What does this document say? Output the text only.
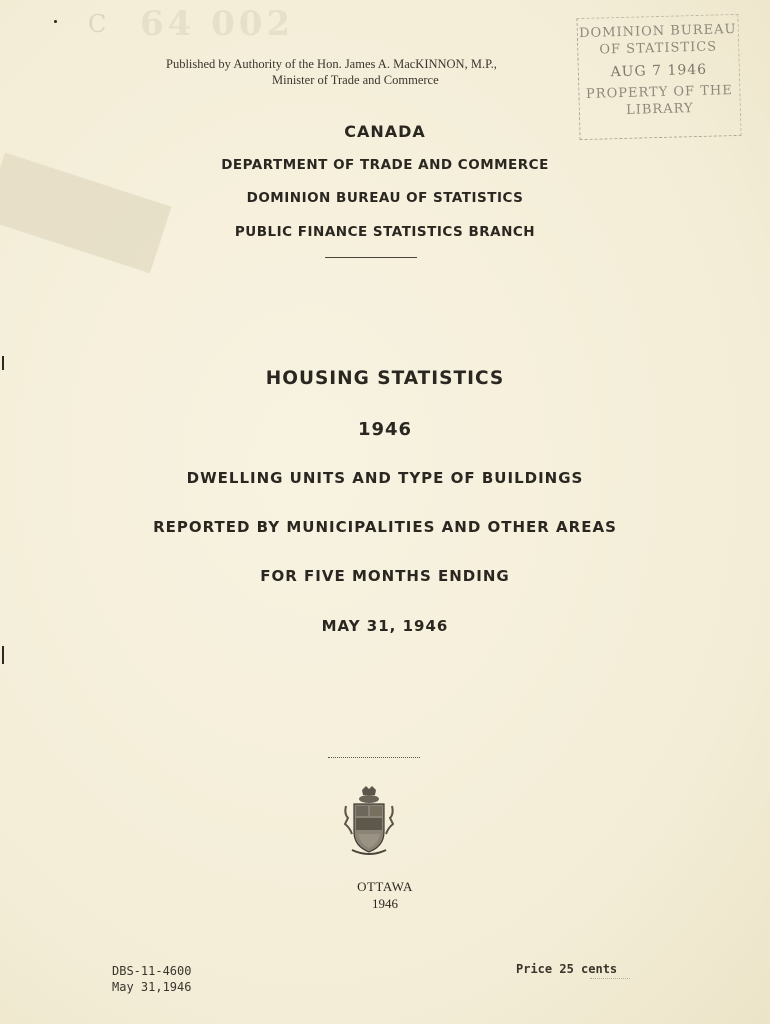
C 64 002
Published by Authority of the Hon. James A. MacKINNON, M.P.,
Minister of Trade and Commerce
DOMINION BUREAU
OF STATISTICS
AUG 7 1946
PROPERTY OF THE
LIBRARY
CANADA
DEPARTMENT OF TRADE AND COMMERCE
DOMINION BUREAU OF STATISTICS
PUBLIC FINANCE STATISTICS BRANCH
HOUSING STATISTICS
1946
DWELLING UNITS AND TYPE OF BUILDINGS
REPORTED BY MUNICIPALITIES AND OTHER AREAS
FOR FIVE MONTHS ENDING
MAY 31, 1946
OTTAWA
1946
DBS-11-4600
May 31,1946
Price 25 cents
